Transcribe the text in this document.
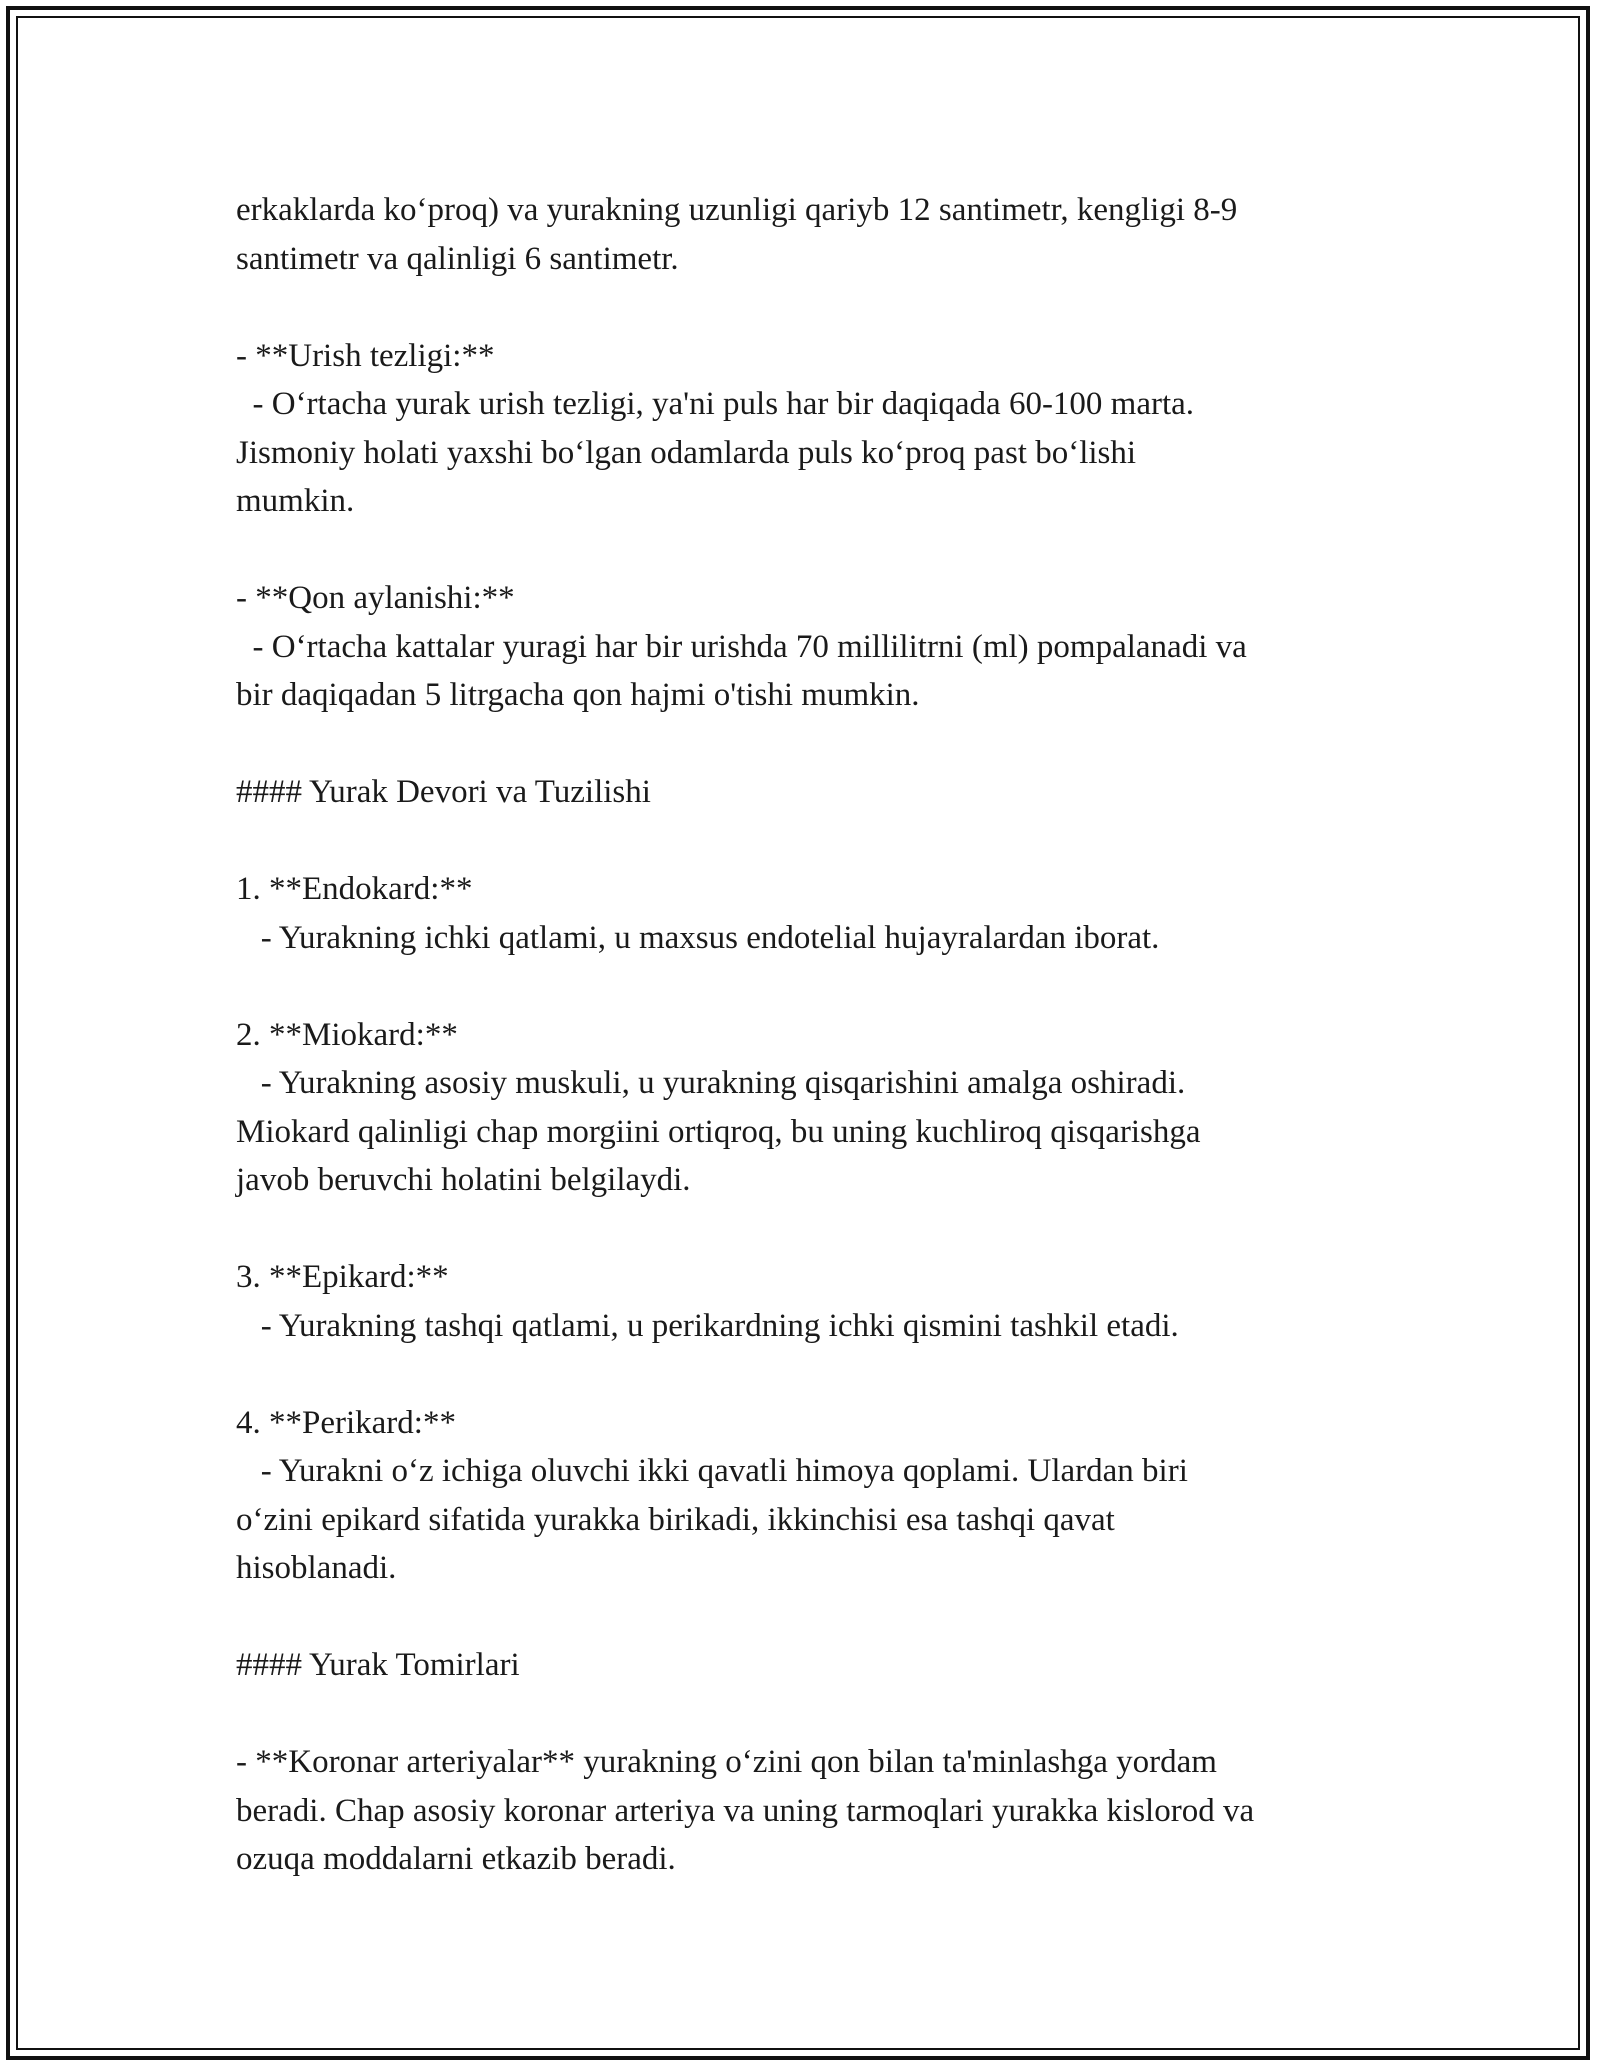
erkaklarda ko‘proq) va yurakning uzunligi qariyb 12 santimetr, kengligi 8-9
santimetr va qalinligi 6 santimetr.
- **Urish tezligi:**
- O‘rtacha yurak urish tezligi, ya'ni puls har bir daqiqada 60-100 marta.
Jismoniy holati yaxshi bo‘lgan odamlarda puls ko‘proq past bo‘lishi
mumkin.
- **Qon aylanishi:**
- O‘rtacha kattalar yuragi har bir urishda 70 millilitrni (ml) pompalanadi va
bir daqiqadan 5 litrgacha qon hajmi o'tishi mumkin.
#### Yurak Devori va Tuzilishi
1. **Endokard:**
- Yurakning ichki qatlami, u maxsus endotelial hujayralardan iborat.
2. **Miokard:**
- Yurakning asosiy muskuli, u yurakning qisqarishini amalga oshiradi.
Miokard qalinligi chap morgiini ortiqroq, bu uning kuchliroq qisqarishga
javob beruvchi holatini belgilaydi.
3. **Epikard:**
- Yurakning tashqi qatlami, u perikardning ichki qismini tashkil etadi.
4. **Perikard:**
- Yurakni o‘z ichiga oluvchi ikki qavatli himoya qoplami. Ulardan biri
o‘zini epikard sifatida yurakka birikadi, ikkinchisi esa tashqi qavat
hisoblanadi.
#### Yurak Tomirlari
- **Koronar arteriyalar** yurakning o‘zini qon bilan ta'minlashga yordam
beradi. Chap asosiy koronar arteriya va uning tarmoqlari yurakka kislorod va
ozuqa moddalarni etkazib beradi.
